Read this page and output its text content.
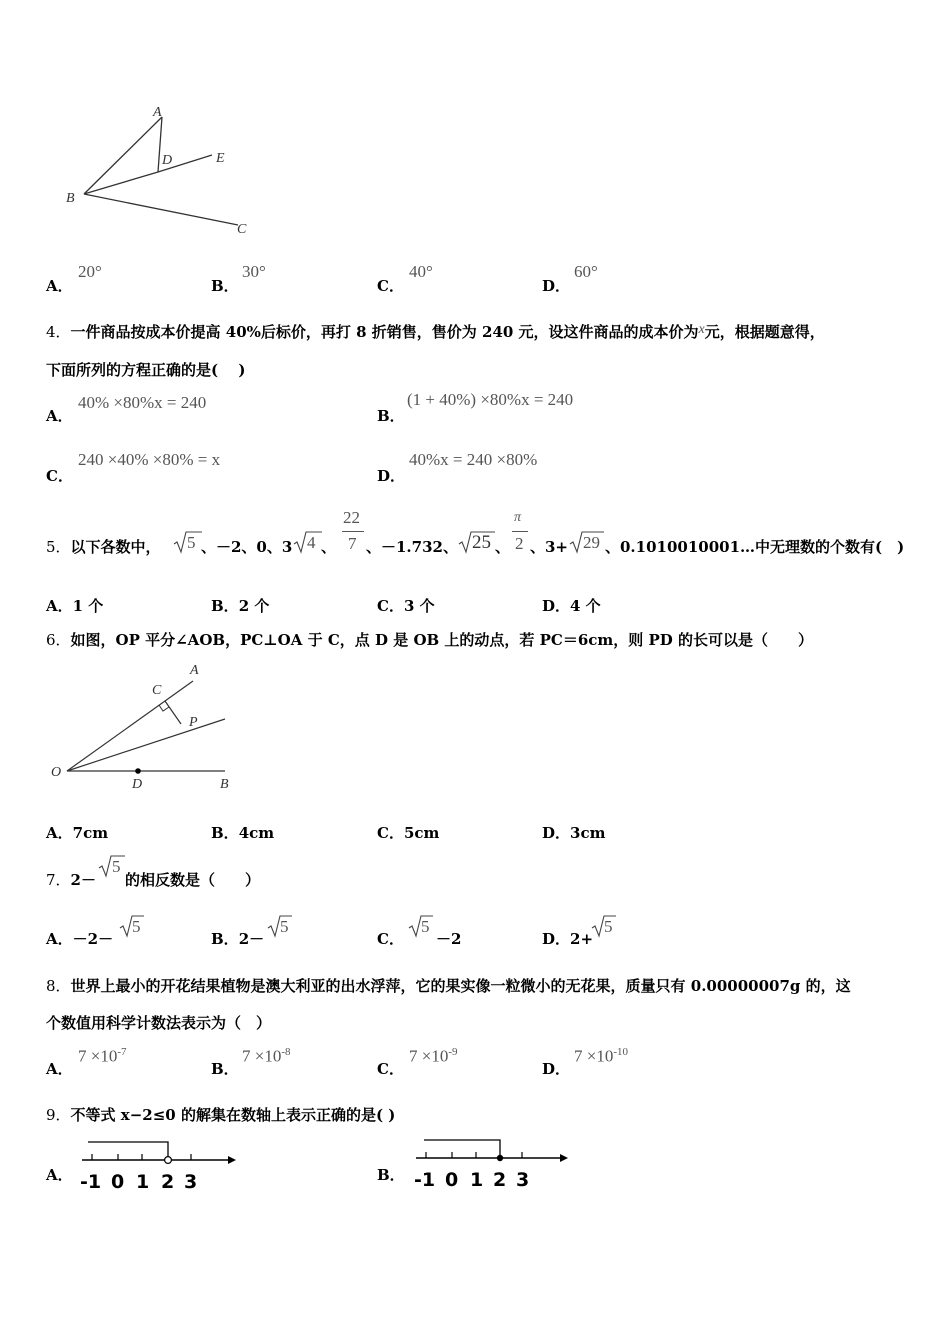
A
D	E
B
C
A．
20°
B．
30°
C．
40°
D．
60°
4．一件商品按成本价提高 40%后标价，再打 8 折销售，售价为 240 元，设这件商品的成本价为x元，根据题意得，
下面所列的方程正确的是(　 )
A．
40% ×80%x = 240
B．
(1 + 40%) ×80%x = 240
C．
240 ×40% ×80% = x
D．
40%x = 240 ×80%
5．以下各数中， 5 、－2、0、3 4 、
22
7 、－1.732、 25 、
π
2 、3+ 29 、0.1010010001…中无理数的个数有(　)
A．1 个	B．2 个	C．3 个	D．4 个
6．如图，OP 平分∠AOB，PC⊥OA 于 C，点 D 是 OB 上的动点，若 PC＝6cm，则 PD 的长可以是（　　）
O
A
C
P
D	B
A．7cm	B．4cm	C．5cm	D．3cm
7．2－
5
的相反数是（　　）
A．－2－
5
B．2－
5
C．
5
－2	D．2+
5
8．世界上最小的开花结果植物是澳大利亚的出水浮萍，它的果实像一粒微小的无花果，质量只有 0.00000007g 的，这
个数值用科学计数法表示为（　）
A．
$7 \times 10^{-7}$
B．
$7 \times 10^{-8}$
C．
$7 \times 10^{-9}$
D．
$7 \times 10^{-10}$
9．不等式 x−2≤0 的解集在数轴上表示正确的是( )
A． -1 0 1 2 3	B． -1 0 1 2 3
